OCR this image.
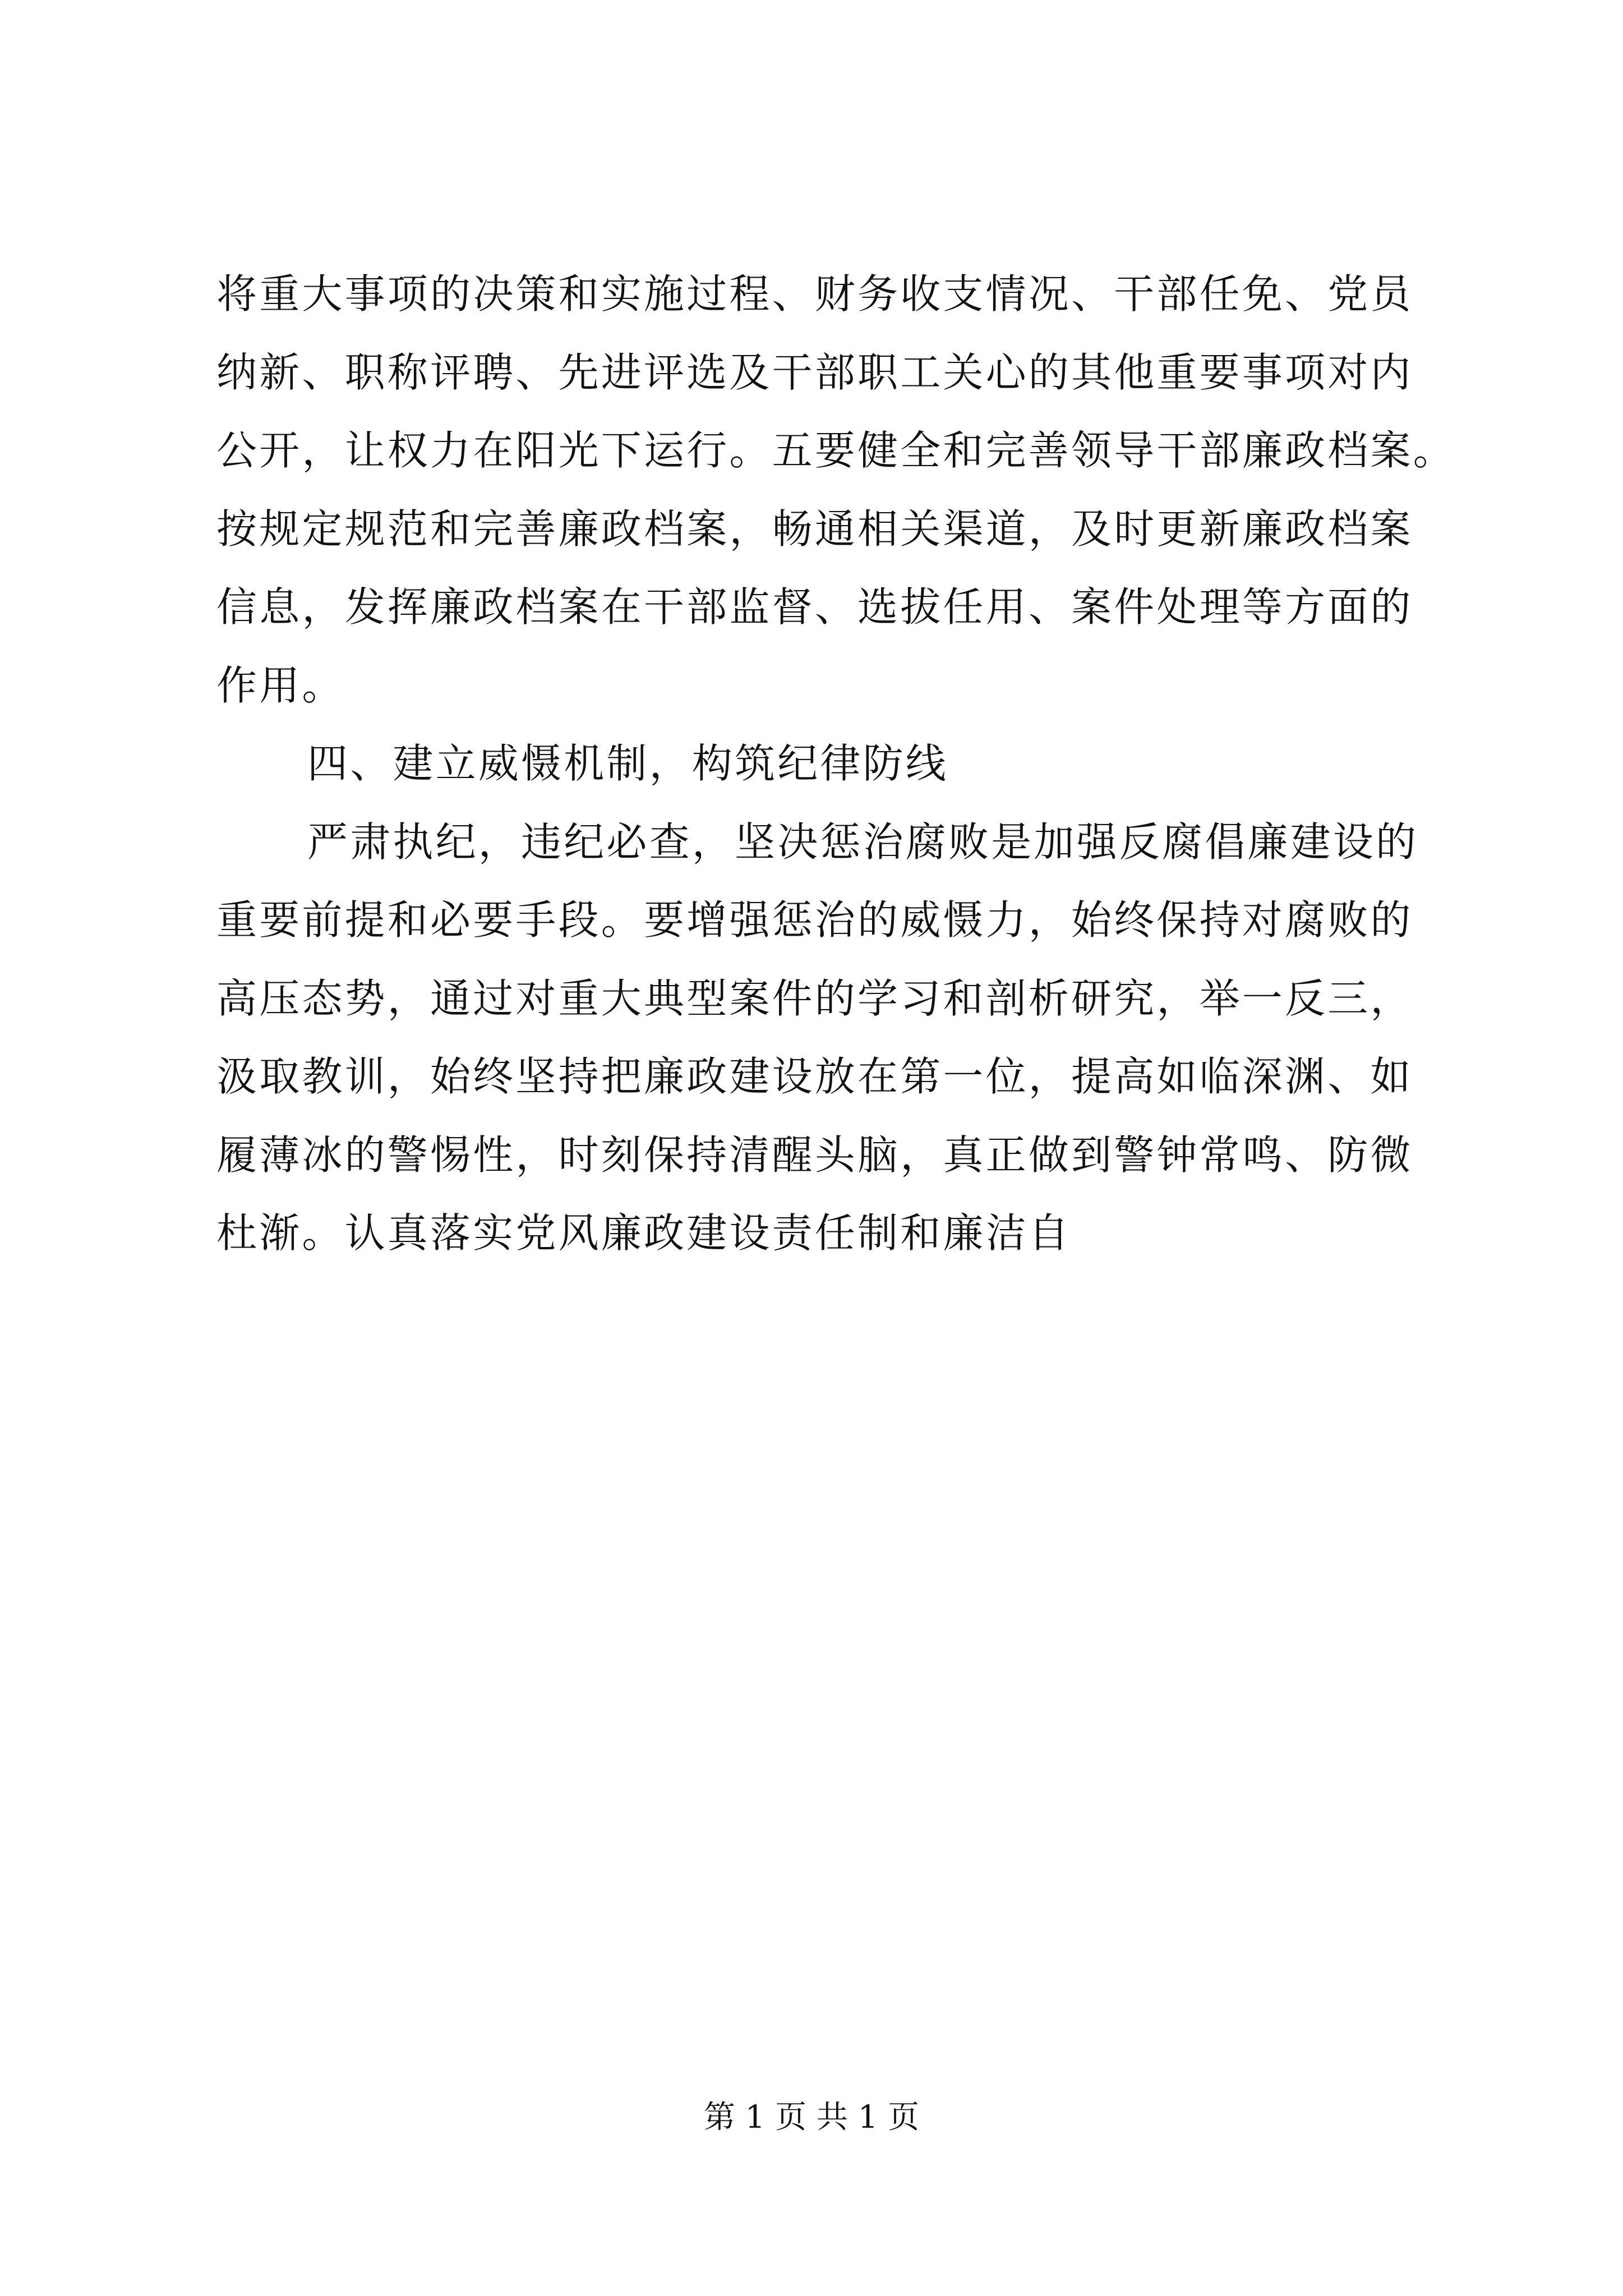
将重大事项的决策和实施过程、财务收支情况、干部任免、党员
纳新、职称评聘、先进评选及干部职工关心的其他重要事项对内
公开，让权力在阳光下运行。五要健全和完善领导干部廉政档案。
按规定规范和完善廉政档案，畅通相关渠道，及时更新廉政档案
信息，发挥廉政档案在干部监督、选拔任用、案件处理等方面的
作用。
四、建立威慑机制，构筑纪律防线
严肃执纪，违纪必查，坚决惩治腐败是加强反腐倡廉建设的
重要前提和必要手段。要增强惩治的威慑力，始终保持对腐败的
高压态势，通过对重大典型案件的学习和剖析研究，举一反三，
汲取教训，始终坚持把廉政建设放在第一位，提高如临深渊、如
履薄冰的警惕性，时刻保持清醒头脑，真正做到警钟常鸣、防微
杜渐。认真落实党风廉政建设责任制和廉洁自
第 1 页 共 1 页
